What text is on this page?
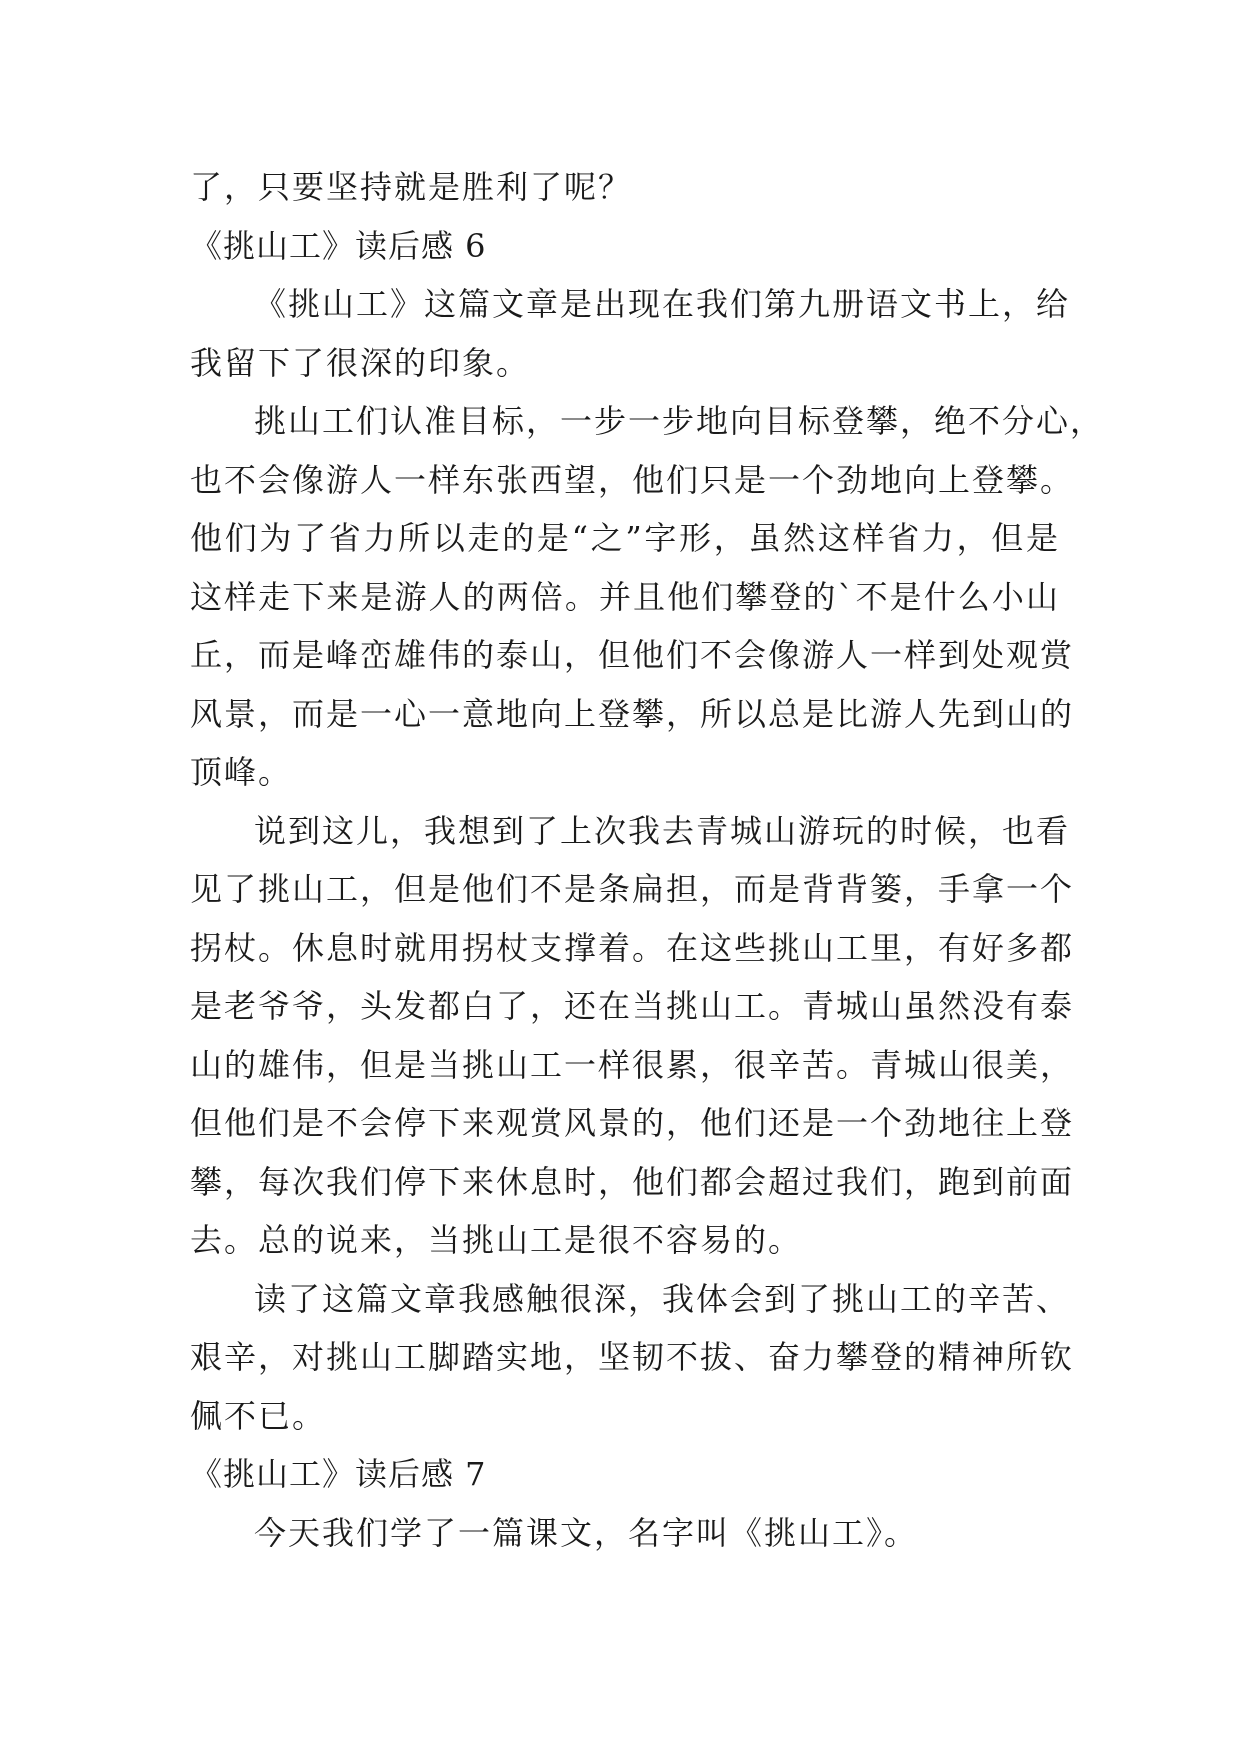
了，只要坚持就是胜利了呢？
《挑山工》读后感 6
《挑山工》这篇文章是出现在我们第九册语文书上，给
我留下了很深的印象。
挑山工们认准目标，一步一步地向目标登攀，绝不分心，
也不会像游人一样东张西望，他们只是一个劲地向上登攀。
他们为了省力所以走的是“之”字形，虽然这样省力，但是
这样走下来是游人的两倍。并且他们攀登的`不是什么小山
丘，而是峰峦雄伟的泰山，但他们不会像游人一样到处观赏
风景，而是一心一意地向上登攀，所以总是比游人先到山的
顶峰。
说到这儿，我想到了上次我去青城山游玩的时候，也看
见了挑山工，但是他们不是条扁担，而是背背篓，手拿一个
拐杖。休息时就用拐杖支撑着。在这些挑山工里，有好多都
是老爷爷，头发都白了，还在当挑山工。青城山虽然没有泰
山的雄伟，但是当挑山工一样很累，很辛苦。青城山很美，
但他们是不会停下来观赏风景的，他们还是一个劲地往上登
攀，每次我们停下来休息时，他们都会超过我们，跑到前面
去。总的说来，当挑山工是很不容易的。
读了这篇文章我感触很深，我体会到了挑山工的辛苦、
艰辛，对挑山工脚踏实地，坚韧不拔、奋力攀登的精神所钦
佩不已。
《挑山工》读后感 7
今天我们学了一篇课文，名字叫《挑山工》。
